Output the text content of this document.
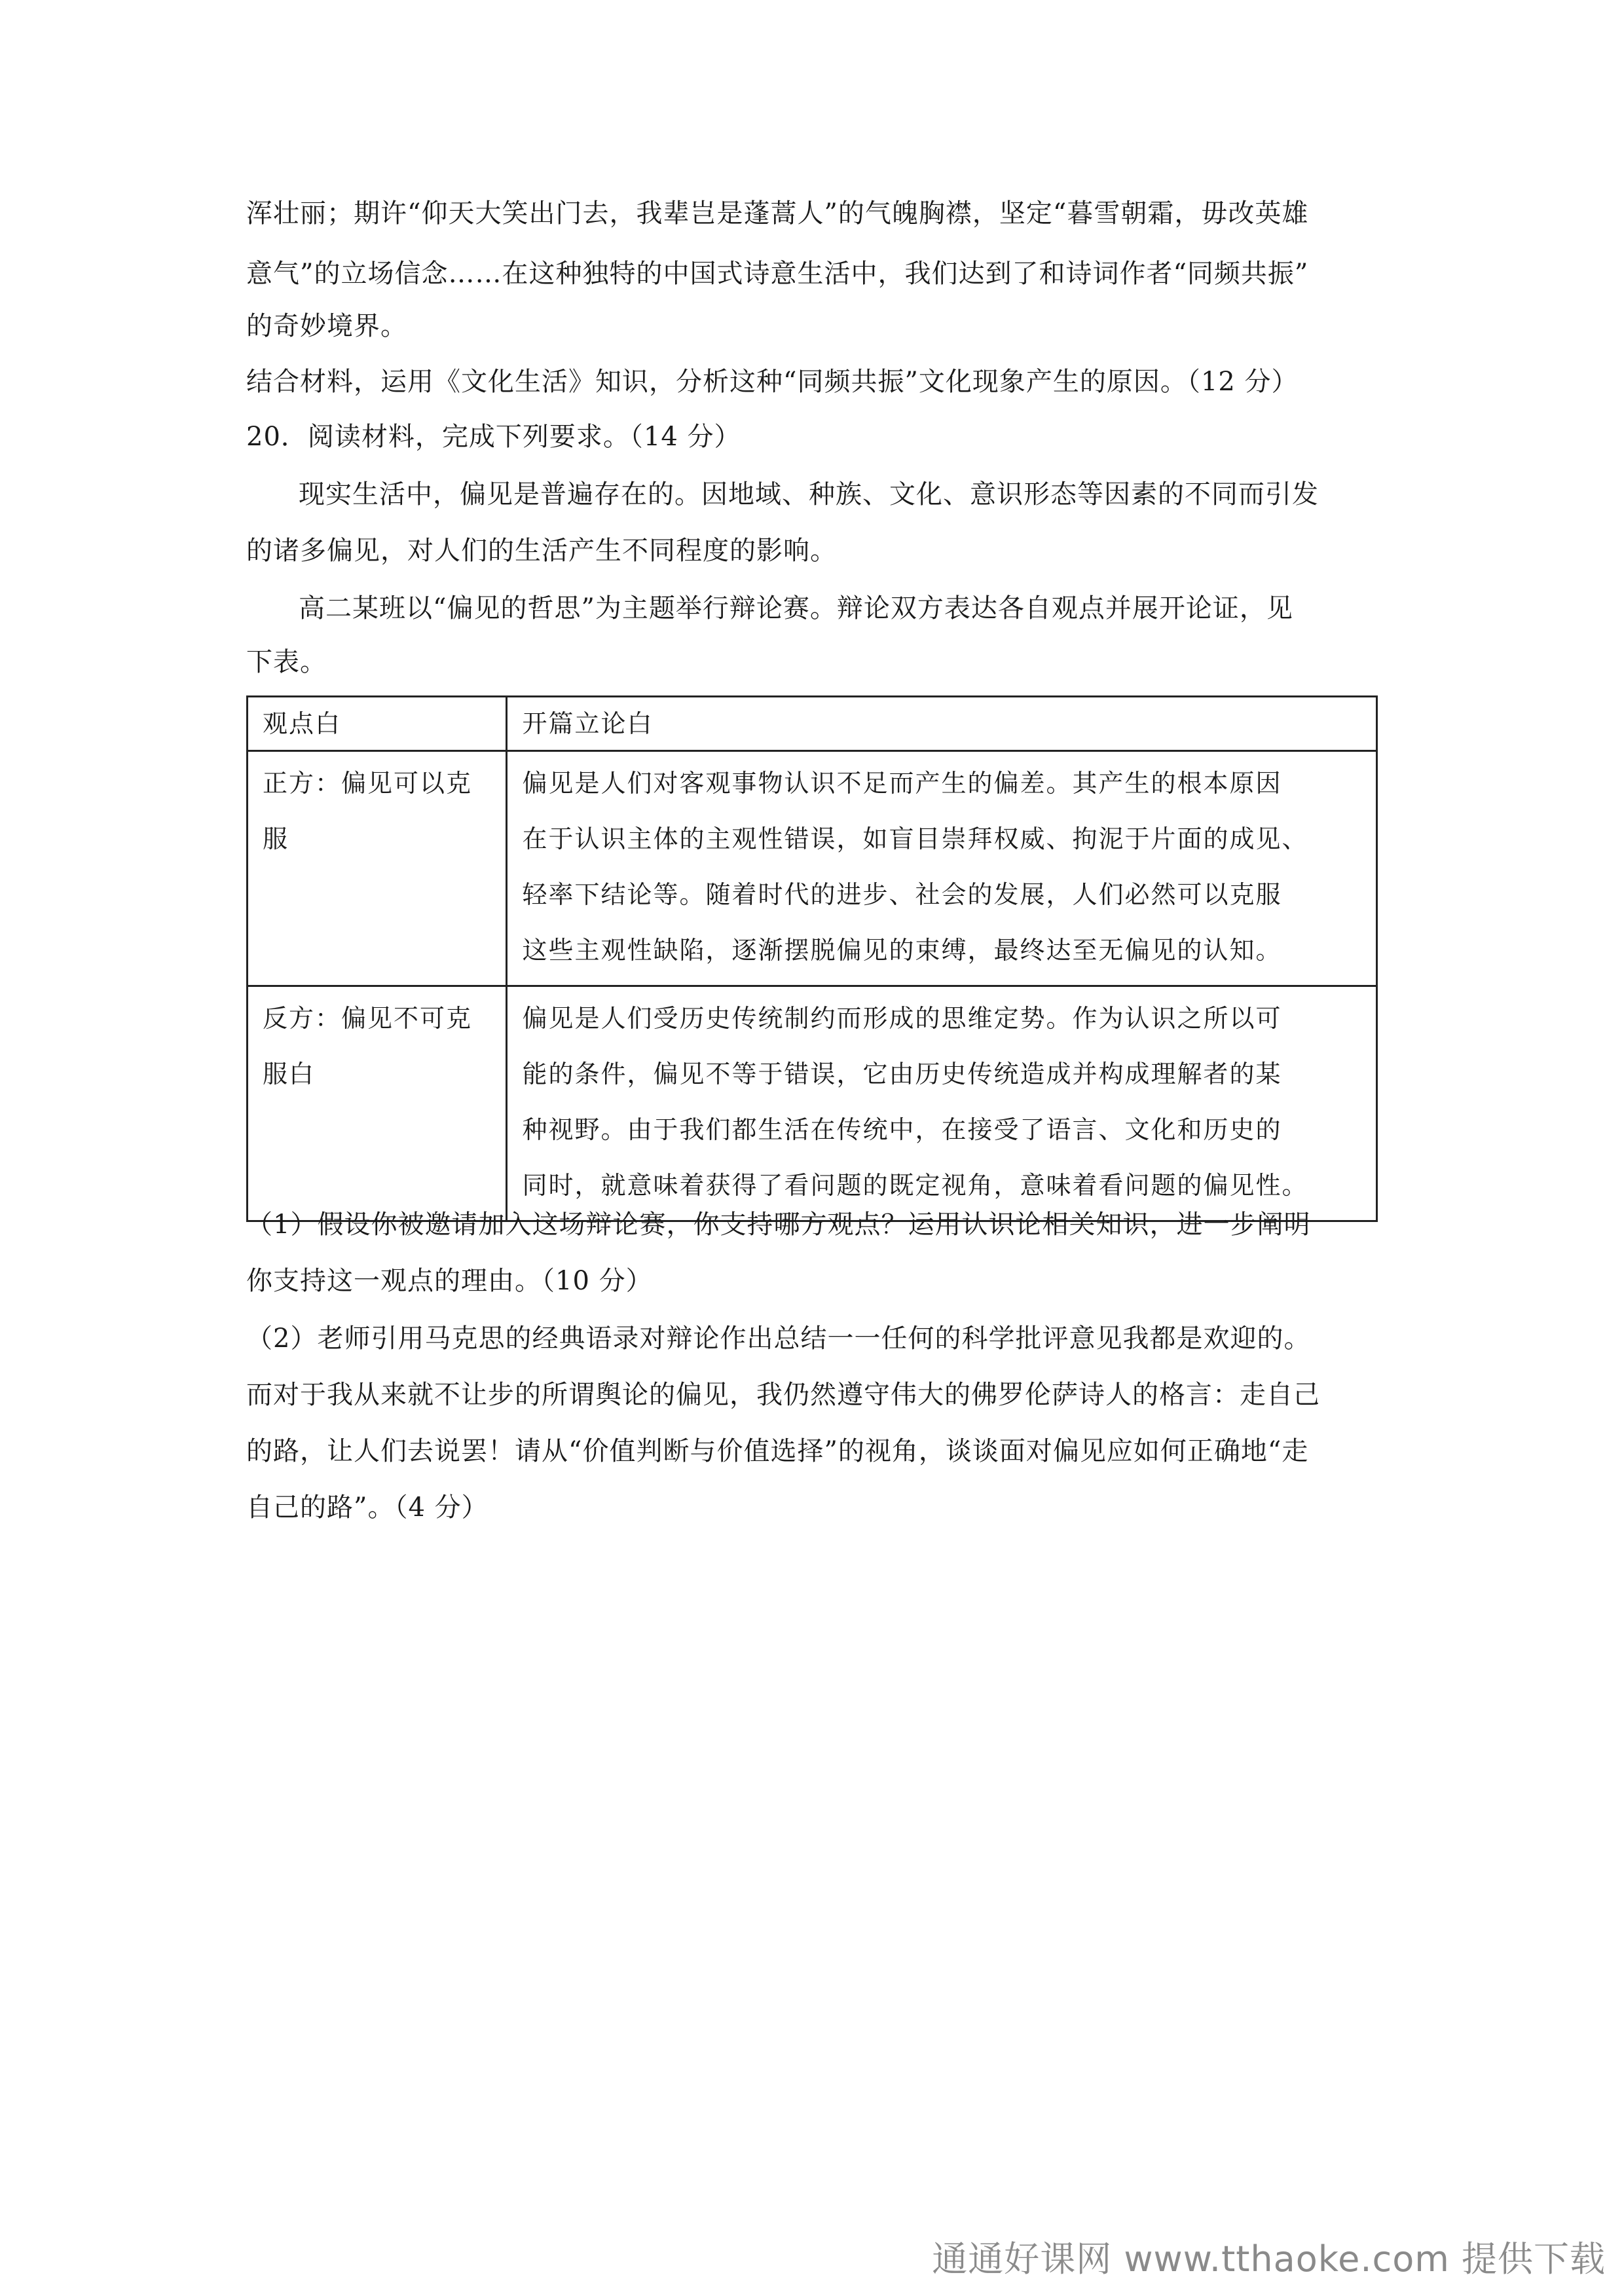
浑壮丽；期许“仰天大笑出门去，我辈岂是蓬蒿人”的气魄胸襟，坚定“暮雪朝霜，毋改英雄
意气”的立场信念……在这种独特的中国式诗意生活中，我们达到了和诗词作者“同频共振”
的奇妙境界。
结合材料，运用《文化生活》知识，分析这种“同频共振”文化现象产生的原因。（12 分）
20．阅读材料，完成下列要求。（14 分）
现实生活中，偏见是普遍存在的。因地域、种族、文化、意识形态等因素的不同而引发
的诸多偏见，对人们的生活产生不同程度的影响。
高二某班以“偏见的哲思”为主题举行辩论赛。辩论双方表达各自观点并展开论证，见
下表。
观点白	开篇立论白

正方：偏见可以克
服	偏见是人们对客观事物认识不足而产生的偏差。其产生的根本原因
在于认识主体的主观性错误，如盲目崇拜权威、拘泥于片面的成见、
轻率下结论等。随着时代的进步、社会的发展，人们必然可以克服
这些主观性缺陷，逐渐摆脱偏见的束缚，最终达至无偏见的认知。

反方：偏见不可克
服白	偏见是人们受历史传统制约而形成的思维定势。作为认识之所以可
能的条件，偏见不等于错误，它由历史传统造成并构成理解者的某
种视野。由于我们都生活在传统中，在接受了语言、文化和历史的
同时，就意味着获得了看问题的既定视角，意味着看问题的偏见性。
（1）假设你被邀请加入这场辩论赛，你支持哪方观点？运用认识论相关知识，进一步阐明
你支持这一观点的理由。（10 分）
（2）老师引用马克思的经典语录对辩论作出总结一一任何的科学批评意见我都是欢迎的。
而对于我从来就不让步的所谓舆论的偏见，我仍然遵守伟大的佛罗伦萨诗人的格言：走自己
的路，让人们去说罢！请从“价值判断与价值选择”的视角，谈谈面对偏见应如何正确地“走
自己的路”。（4 分）
通通好课网 www.tthaoke.com 提供下载
